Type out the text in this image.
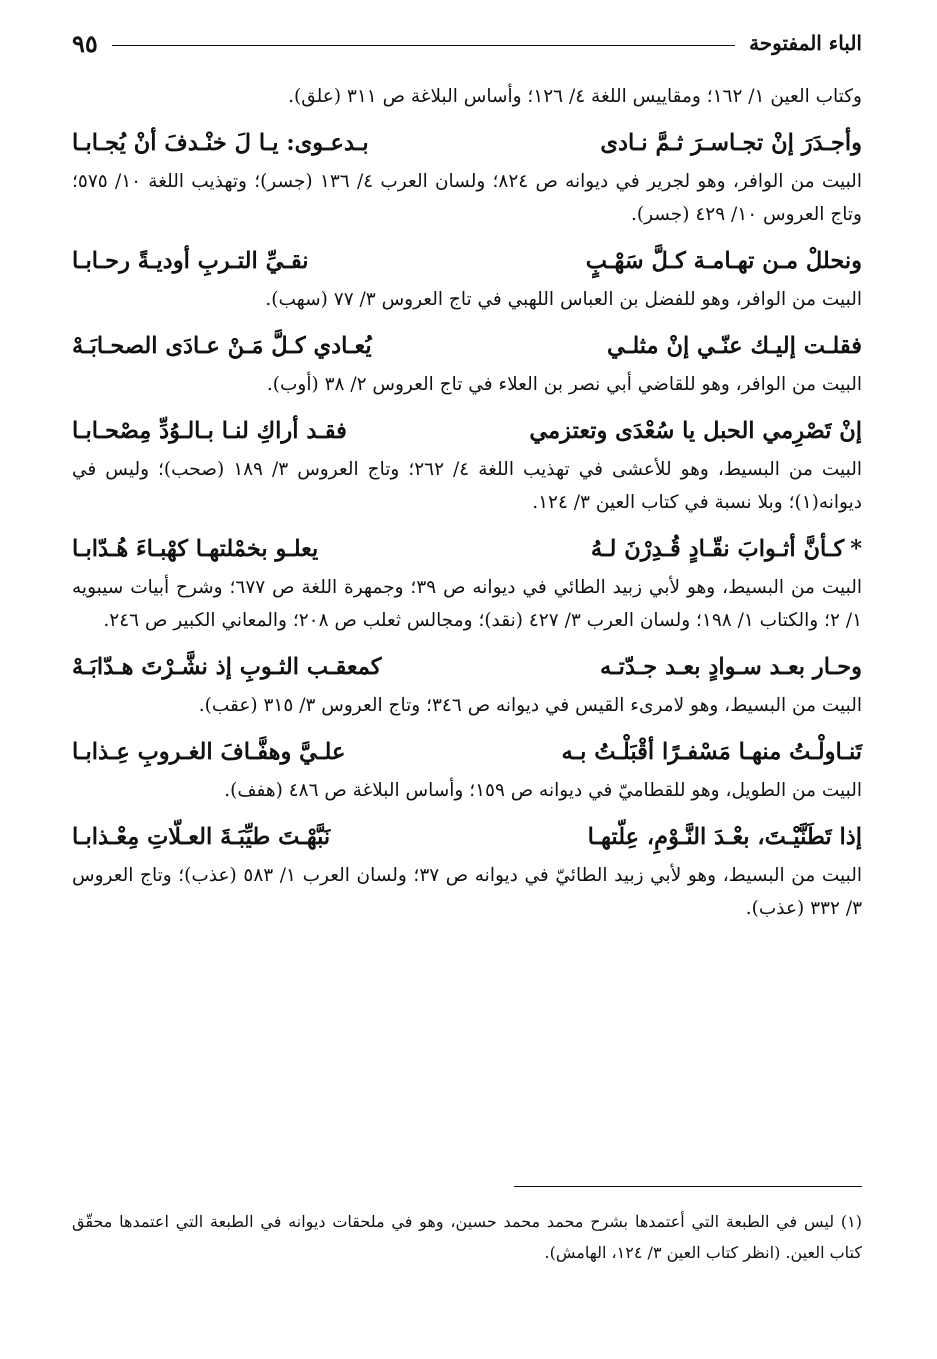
الباء المفتوحة
٩٥

وكتاب العين ١/ ١٦٢؛ ومقاييس اللغة ٤/ ١٢٦؛ وأساس البلاغة ص ٣١١ (علق).

وأجـدَرَ إنْ تجـاسـرَ ثـمَّ نـادى
بـدعـوى: يـا لَ خنْـدفَ أنْ يُجـابـا

البيت من الوافر، وهو لجرير في ديوانه ص ٨٢٤؛ ولسان العرب ٤/ ١٣٦ (جسر)؛ وتهذيب اللغة ١٠/ ٥٧٥؛ وتاج العروس ١٠/ ٤٢٩ (جسر).

ونحللْ مـن تهـامـة كـلَّ سَهْـبٍ
نقـيِّ التـربِ أوديـةً رحـابـا

البيت من الوافر، وهو للفضل بن العباس اللهبي في تاج العروس ٣/ ٧٧ (سهب).

فقلـت إليـك عنّـي إنْ مثلـي
يُعـادي كـلَّ مَـنْ عـادَى الصحـابَـهْ

البيت من الوافر، وهو للقاضي أبي نصر بن العلاء في تاج العروس ٢/ ٣٨ (أوب).

إنْ تَصْرِمي الحبل يا سُعْدَى وتعتزمي
فقـد أراكِ لنـا بـالـوُدِّ مِصْحـابـا

البيت من البسيط، وهو للأعشى في تهذيب اللغة ٤/ ٢٦٢؛ وتاج العروس ٣/ ١٨٩ (صحب)؛ وليس في ديوانه(١)؛ وبلا نسبة في كتاب العين ٣/ ١٢٤.

*كـأنَّ أثـوابَ نقّـادٍ قُـدِرْنَ لـهُ
يعلـو بخمْلتهـا كهْبـاءَ هُـدّابـا

البيت من البسيط، وهو لأبي زبيد الطائي في ديوانه ص ٣٩؛ وجمهرة اللغة ص ٦٧٧؛ وشرح أبيات سيبويه ١/ ٢؛ والكتاب ١/ ١٩٨؛ ولسان العرب ٣/ ٤٢٧ (نقد)؛ ومجالس ثعلب ص ٢٠٨؛ والمعاني الكبير ص ٢٤٦.

وحـار بعـد سـوادٍ بعـد جـدّتـه
كمعقـب الثـوبِ إذ نشَّـرْتَ هـدّابَـهْ

البيت من البسيط، وهو لامرىء القيس في ديوانه ص ٣٤٦؛ وتاج العروس ٣/ ٣١٥ (عقب).

تَنـاولْـتُ منهـا مَسْفـرًا أقْبَلْـتُ بـه
علـيَّ وهفَّـافَ الغـروبِ عِـذابـا

البيت من الطويل، وهو للقطاميّ في ديوانه ص ١٥٩؛ وأساس البلاغة ص ٤٨٦ (هفف).

إذا تَطَنَّيْـتَ، بعْـدَ النَّـوْمِ، عِلّتهـا
نَبَّهْـتَ طيِّبَـةَ العـلّاتِ مِعْـذابـا

البيت من البسيط، وهو لأبي زبيد الطائيّ في ديوانه ص ٣٧؛ ولسان العرب ١/ ٥٨٣ (عذب)؛ وتاج العروس ٣/ ٣٣٢ (عذب).

(١) ليس في الطبعة التي أعتمدها بشرح محمد محمد حسين، وهو في ملحقات ديوانه في الطبعة التي اعتمدها محقّق كتاب العين. (انظر كتاب العين ٣/ ١٢٤، الهامش).
